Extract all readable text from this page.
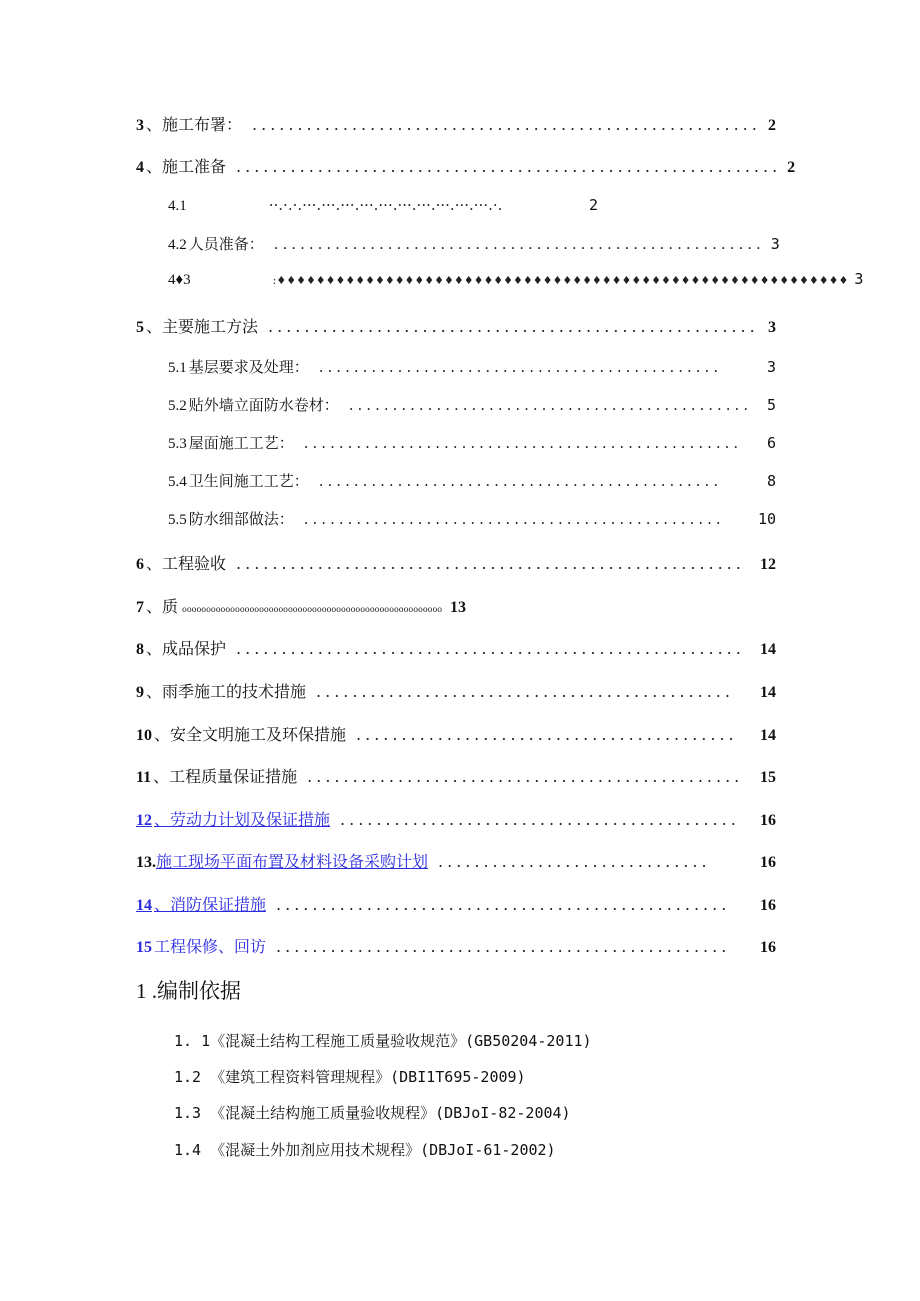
3 、施工布署： ........................................................ 2
4 、施工准备 ............................................................ 2
4.1	··.·.·.···.···.···.···.···.···.···.···.···.···.·.	2
4.2 人员准备： ........................................................ 3
4♦3	:♦♦♦♦♦♦♦♦♦♦♦♦♦♦♦♦♦♦♦♦♦♦♦♦♦♦♦♦♦♦♦♦♦♦♦♦♦♦♦♦♦♦♦♦♦♦♦♦♦♦♦♦♦♦♦♦♦♦ 3
5 、主要施工方法 ...................................................... 3
5.1 基层要求及处理： ..............................................	3
5.2 贴外墙立面防水卷材： .............................................. 5
5.3 屋面施工工艺： ..................................................	6
5.4 卫生间施工工艺： ..............................................	8
5.5 防水细部做法： ................................................	10
6 、工程验收 ........................................................ 12
7 、质 oooooooooooooooooooooooooooooooooooooooooooooooooooooo 13
8 、成品保护 ........................................................ 14
9 、雨季施工的技术措施 ..............................................	14
10 、安全文明施工及环保措施 ..........................................	14
11 、工程质量保证措施 ................................................	15
12 、劳动力计划及保证措施 ............................................	16
13. 施工现场平面布置及材料设备采购计划 ..............................	16
14 、消防保证措施 ..................................................	16
15 工程保修、回访 ..................................................	16
1 .编制依据
1. 1《混凝土结构工程施工质量验收规范》(GB50204-2011)
1.2 《建筑工程资料管理规程》(DBI1T695-2009)
1.3 《混凝土结构施工质量验收规程》(DBJoI-82-2004)
1.4 《混凝土外加剂应用技术规程》(DBJoI-61-2002)
